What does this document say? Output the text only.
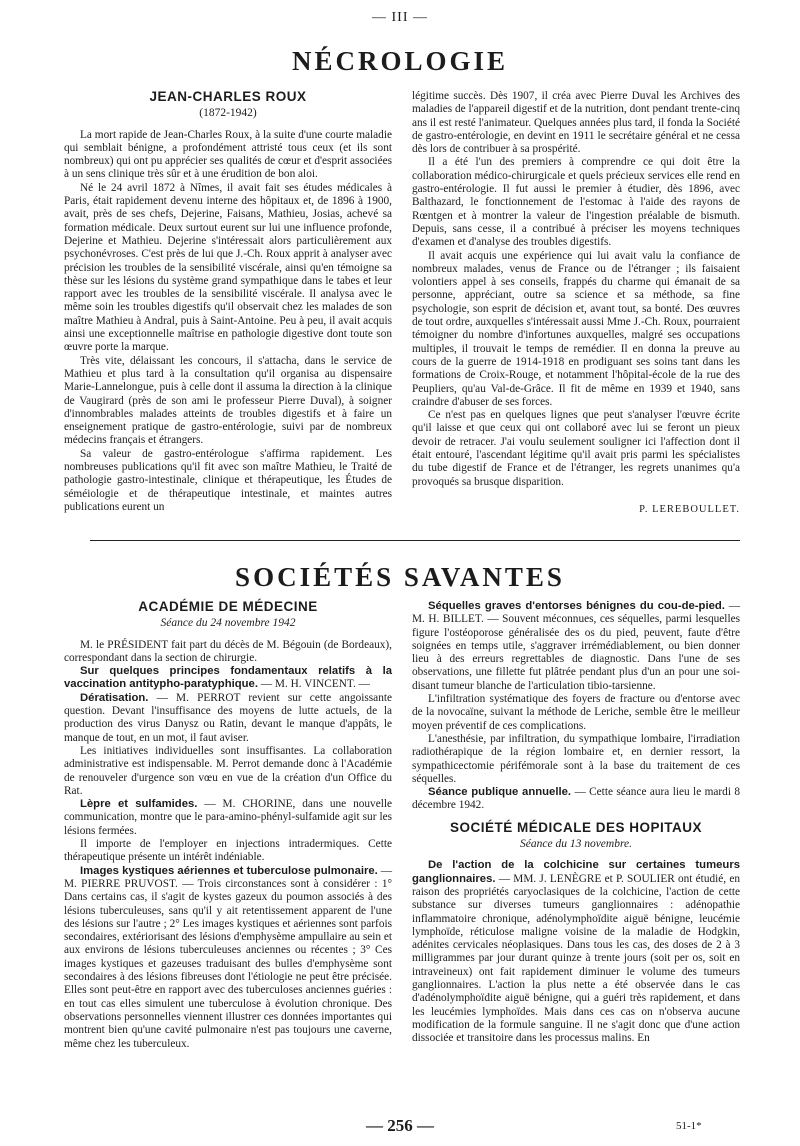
— III —
NÉCROLOGIE
JEAN-CHARLES ROUX
(1872-1942)

La mort rapide de Jean-Charles Roux, à la suite d'une courte maladie qui semblait bénigne, a profondément attristé tous ceux (et ils sont nombreux) qui ont pu apprécier ses qualités de cœur et d'esprit associées à un sens clinique très sûr et à une érudition de bon aloi.

Né le 24 avril 1872 à Nîmes, il avait fait ses études médicales à Paris, était rapidement devenu interne des hôpitaux et, de 1896 à 1900, avait, près de ses chefs, Dejerine, Faisans, Mathieu, Josias, achevé sa formation médicale. Deux surtout eurent sur lui une influence profonde, Dejerine et Mathieu. Dejerine s'intéressait alors particulièrement aux psychonévroses. C'est près de lui que J.-Ch. Roux apprit à analyser avec précision les troubles de la sensibilité viscérale, ainsi qu'en témoigne sa thèse sur les lésions du système grand sympathique dans le tabes et leur rapport avec les troubles de la sensibilité viscérale. Il analysa avec le même soin les troubles digestifs qu'il observait chez les malades de son maître Mathieu à Andral, puis à Saint-Antoine. Peu à peu, il avait acquis ainsi une exceptionnelle maîtrise en pathologie digestive dont toute son œuvre porte la marque.

Très vite, délaissant les concours, il s'attacha, dans le service de Mathieu et plus tard à la consultation qu'il organisa au dispensaire Marie-Lannelongue, puis à celle dont il assuma la direction à la clinique de Vaugirard (près de son ami le professeur Pierre Duval), à soigner d'innombrables malades atteints de troubles digestifs et à faire un enseignement pratique de gastro-entérologie, suivi par de nombreux médecins français et étrangers.

Sa valeur de gastro-entérologue s'affirma rapidement. Les nombreuses publications qu'il fit avec son maître Mathieu, le Traité de pathologie gastro-intestinale, clinique et thérapeutique, les Études de séméiologie et de thérapeutique intestinale, et maintes autres publications eurent un

légitime succès. Dès 1907, il créa avec Pierre Duval les Archives des maladies de l'appareil digestif et de la nutrition, dont pendant trente-cinq ans il est resté l'animateur. Quelques années plus tard, il fonda la Société de gastro-entérologie, en devint en 1911 le secrétaire général et ne cessa dès lors de contribuer à sa prospérité.

Il a été l'un des premiers à comprendre ce qui doit être la collaboration médico-chirurgicale et quels précieux services elle rend en gastro-entérologie. Il fut aussi le premier à étudier, dès 1896, avec Balthazard, le fonctionnement de l'estomac à l'aide des rayons de Rœntgen et à montrer la valeur de l'ingestion préalable de bismuth. Depuis, sans cesse, il a contribué à préciser les moyens techniques d'examen et d'analyse des troubles digestifs.

Il avait acquis une expérience qui lui avait valu la confiance de nombreux malades, venus de France ou de l'étranger ; ils faisaient volontiers appel à ses conseils, frappés du charme qui émanait de sa personne, appréciant, outre sa science et sa méthode, sa fine psychologie, son esprit de décision et, avant tout, sa bonté. Des œuvres de tout ordre, auxquelles s'intéressait aussi Mme J.-Ch. Roux, pourraient témoigner du nombre d'infortunes auxquelles, malgré ses occupations multiples, il trouvait le temps de remédier. Il en donna la preuve au cours de la guerre de 1914-1918 en prodiguant ses soins tant dans les formations de Croix-Rouge, et notamment l'hôpital-école de la rue des Peupliers, qu'au Val-de-Grâce. Il fit de même en 1939 et 1940, sans craindre d'abuser de ses forces.

Ce n'est pas en quelques lignes que peut s'analyser l'œuvre écrite qu'il laisse et que ceux qui ont collaboré avec lui se feront un pieux devoir de retracer. J'ai voulu seulement souligner ici l'affection dont il était entouré, l'ascendant légitime qu'il avait pris parmi les spécialistes du tube digestif de France et de l'étranger, les regrets unanimes qu'a provoqués sa brusque disparition.

P. LEREBOULLET.
SOCIÉTÉS SAVANTES
ACADÉMIE DE MÉDECINE
Séance du 24 novembre 1942

M. le PRÉSIDENT fait part du décès de M. Bégouin (de Bordeaux), correspondant dans la section de chirurgie.

Sur quelques principes fondamentaux relatifs à la vaccination antitypho-paratyphique. — M. H. VINCENT. —

Dératisation. — M. PERROT revient sur cette angoissante question. Devant l'insuffisance des moyens de lutte actuels, de la production des virus Danysz ou Ratin, devant le manque d'appâts, le manque de tout, en un mot, il faut aviser.

Les initiatives individuelles sont insuffisantes. La collaboration administrative est indispensable. M. Perrot demande donc à l'Académie de renouveler d'urgence son vœu en vue de la création d'un Office du Rat.

Lèpre et sulfamides. — M. CHORINE, dans une nouvelle communication, montre que le para-amino-phényl-sulfamide agit sur les lésions fermées.

Il importe de l'employer en injections intradermiques. Cette thérapeutique présente un intérêt indéniable.

Images kystiques aériennes et tuberculose pulmonaire. — M. PIERRE PRUVOST. — Trois circonstances sont à considérer : 1° Dans certains cas, il s'agit de kystes gazeux du poumon associés à des lésions tuberculeuses, sans qu'il y ait retentissement apparent de l'une des lésions sur l'autre ; 2° Les images kystiques et aériennes sont parfois secondaires, extériorisant des lésions d'emphysème ampullaire au sein et aux environs de lésions tuberculeuses anciennes ou récentes ; 3° Ces images kystiques et gazeuses traduisant des bulles d'emphysème sont secondaires à des lésions fibreuses dont l'étiologie ne peut être précisée. Elles sont peut-être en rapport avec des tuberculoses anciennes guéries : en tout cas elles simulent une tuberculose à évolution chronique. Des observations personnelles viennent illustrer ces données importantes qui montrent bien qu'une cavité pulmonaire n'est pas toujours une caverne, même chez les tuberculeux.

Séquelles graves d'entorses bénignes du cou-de-pied. — M. H. BILLET. — Souvent méconnues, ces séquelles, parmi lesquelles figure l'ostéoporose généralisée des os du pied, peuvent, faute d'être soignées en temps utile, s'aggraver irrémédiablement, ou bien donner lieu à des erreurs regrettables de diagnostic. Dans l'une de ses observations, une fillette fut plâtrée pendant plus d'un an pour une soi-disant tumeur blanche de l'articulation tibio-tarsienne.

L'infiltration systématique des foyers de fracture ou d'entorse avec de la novocaïne, suivant la méthode de Leriche, semble être le meilleur moyen préventif de ces complications.

L'anesthésie, par infiltration, du sympathique lombaire, l'irradiation radiothérapique de la région lombaire et, en dernier ressort, la sympathicectomie périfémorale sont à la base du traitement de ces séquelles.

Séance publique annuelle. — Cette séance aura lieu le mardi 8 décembre 1942.

SOCIÉTÉ MÉDICALE DES HOPITAUX
Séance du 13 novembre.

De l'action de la colchicine sur certaines tumeurs ganglionnaires. — MM. J. LENÈGRE et P. SOULIER ont étudié, en raison des propriétés caryoclasiques de la colchicine, l'action de cette substance sur diverses tumeurs ganglionnaires : adénopathie inflammatoire chronique, adénolymphoïdite aiguë bénigne, leucémie lymphoïde, réticulose maligne voisine de la maladie de Hodgkin, adénites cervicales néoplasiques. Dans tous les cas, des doses de 2 à 3 milligrammes par jour durant quinze à trente jours (soit per os, soit en intraveineux) ont fait rapidement diminuer le volume des tumeurs ganglionnaires. L'action la plus nette a été observée dans le cas d'adénolymphoïdite aiguë bénigne, qui a guéri très rapidement, et dans les leucémies lymphoïdes. Mais dans ces cas on n'observa aucune modification de la formule sanguine. Il ne s'agit donc que d'une action dissociée et transitoire dans les processus malins. En

— 256 —	51-1*
